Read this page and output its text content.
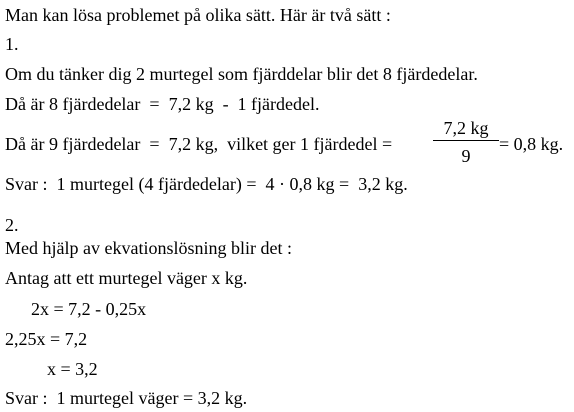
Man kan lösa problemet på olika sätt. Här är två sätt :
1.
Om du tänker dig 2 murtegel som fjärddelar blir det 8 fjärdedelar.
Då är 8 fjärdedelar  =  7,2 kg  -  1 fjärdedel.
Då är 9 fjärdedelar  =  7,2 kg,  vilket ger 1 fjärdedel =
7,2 kg
9
= 0,8 kg.
Svar :  1 murtegel (4 fjärdedelar) =  4 · 0,8 kg =  3,2 kg.
2.
Med hjälp av ekvationslösning blir det :
Antag att ett murtegel väger x kg.
2x = 7,2 - 0,25x
2,25x = 7,2
x = 3,2
Svar :  1 murtegel väger = 3,2 kg.
